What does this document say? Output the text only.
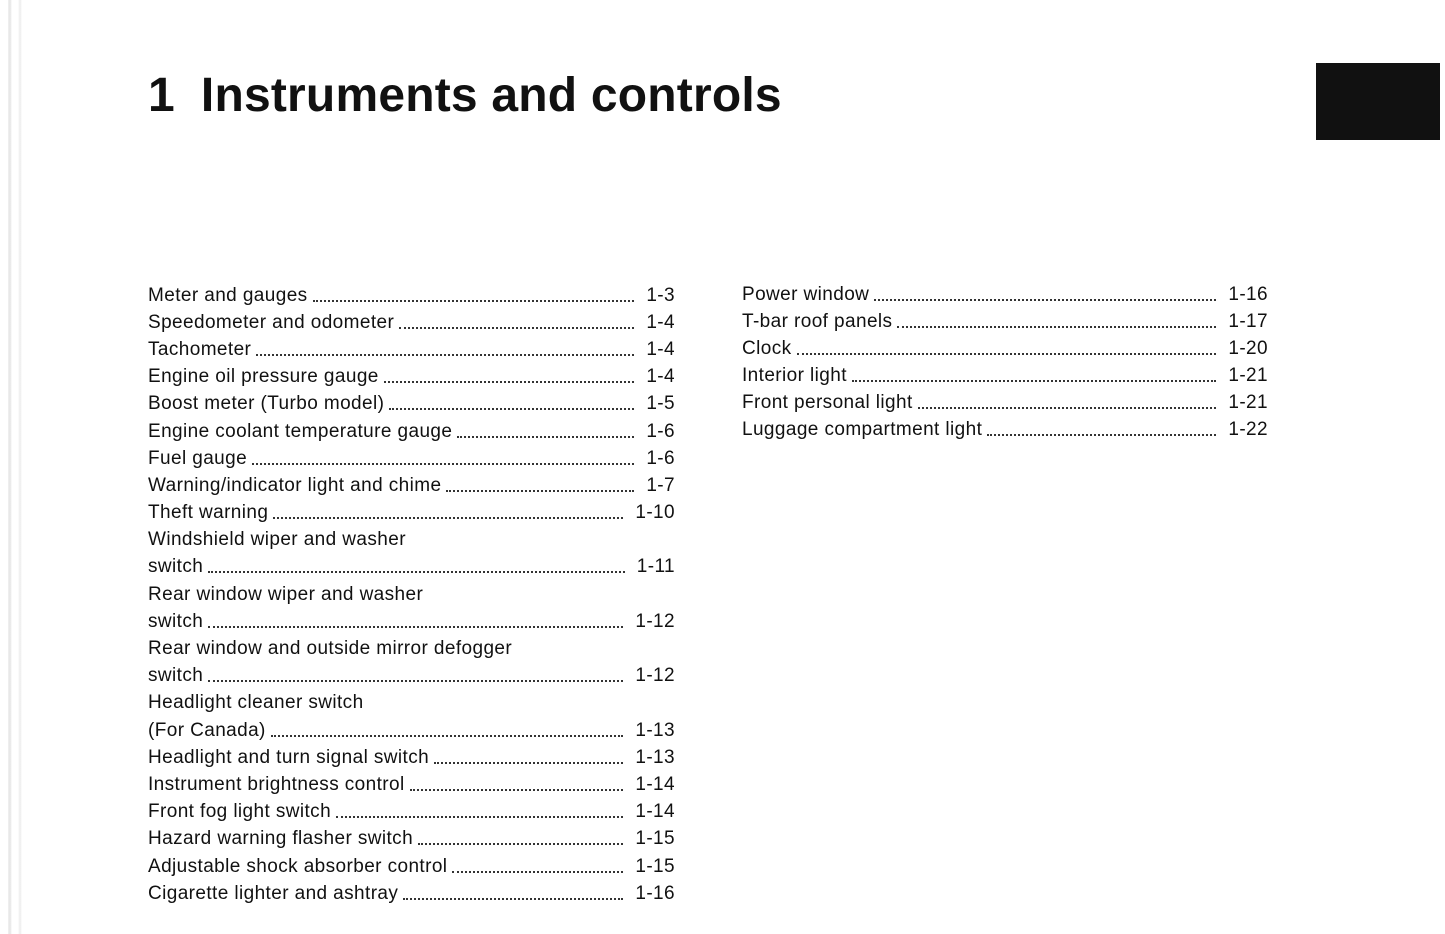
1 Instruments and controls
Meter and gauges	1-3
Speedometer and odometer	1-4
Tachometer	1-4
Engine oil pressure gauge	1-4
Boost meter (Turbo model)	1-5
Engine coolant temperature gauge	1-6
Fuel gauge	1-6
Warning/indicator light and chime	1-7
Theft warning	1-10
Windshield wiper and washer
switch	1-11
Rear window wiper and washer
switch	1-12
Rear window and outside mirror defogger
switch	1-12
Headlight cleaner switch
(For Canada)	1-13
Headlight and turn signal switch	1-13
Instrument brightness control	1-14
Front fog light switch	1-14
Hazard warning flasher switch	1-15
Adjustable shock absorber control	1-15
Cigarette lighter and ashtray	1-16
Power window	1-16
T-bar roof panels	1-17
Clock	1-20
Interior light	1-21
Front personal light	1-21
Luggage compartment light	1-22
